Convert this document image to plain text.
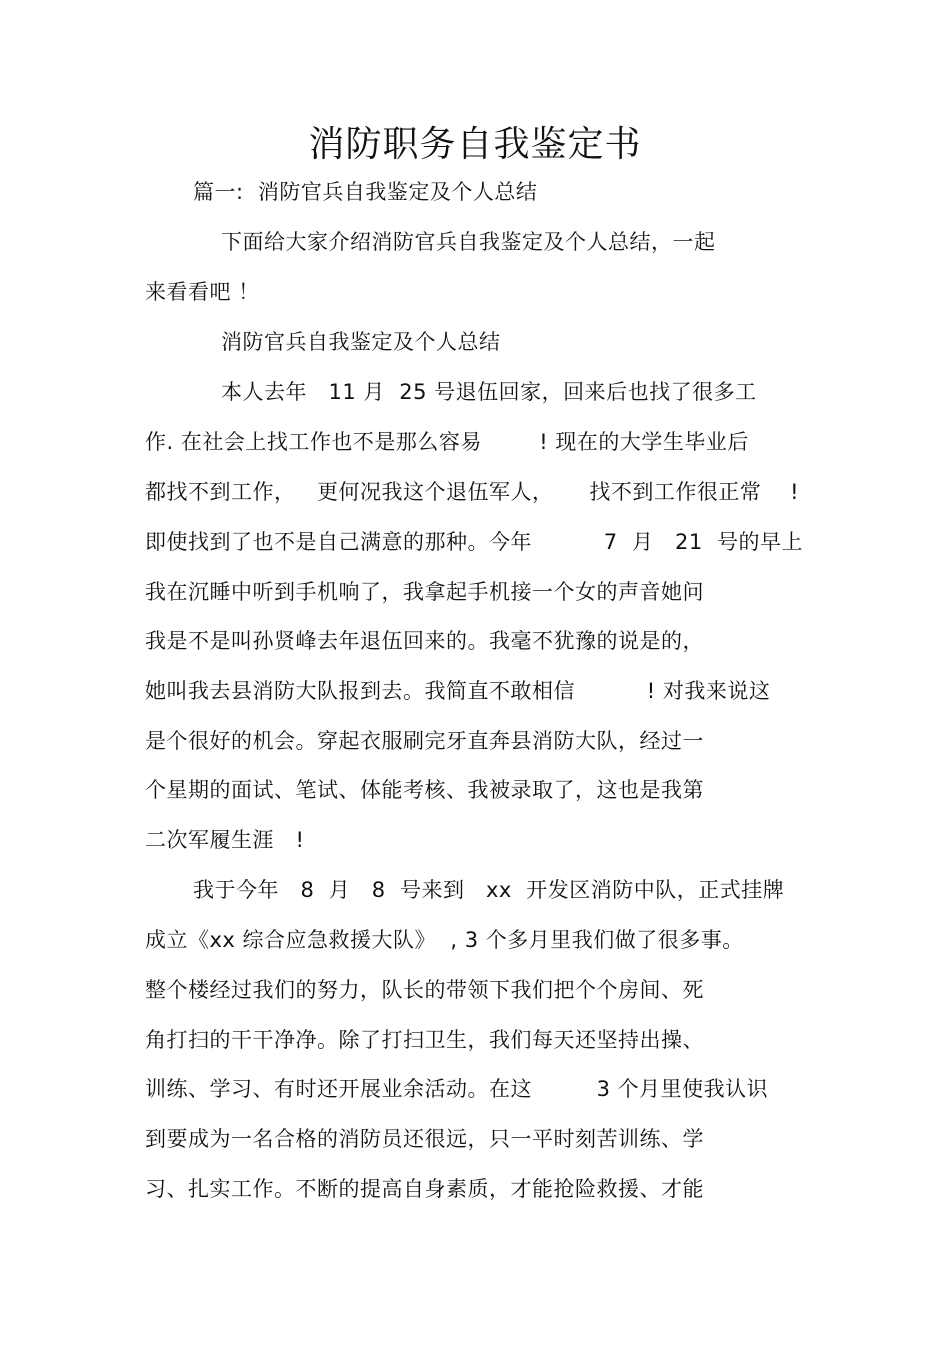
消防职务自我鉴定书
篇一:  消防官兵自我鉴定及个人总结
下面给大家介绍消防官兵自我鉴定及个人总结，一起
来看看吧 ！
消防官兵自我鉴定及个人总结
本人去年   11 月  25 号退伍回家，回来后也找了很多工
作. 在社会上找工作也不是那么容易        ! 现在的大学生毕业后
都找不到工作，   更何况我这个退伍军人，     找不到工作很正常    !
即使找到了也不是自己满意的那种。今年          7  月   21  号的早上
我在沉睡中听到手机响了，我拿起手机接一个女的声音她问
我是不是叫孙贤峰去年退伍回来的。我毫不犹豫的说是的，
她叫我去县消防大队报到去。我简直不敢相信          ! 对我来说这
是个很好的机会。穿起衣服刷完牙直奔县消防大队，经过一
个星期的面试、笔试、体能考核、我被录取了，这也是我第
二次军履生涯   !
我于今年   8  月   8  号来到   xx  开发区消防中队，正式挂牌
成立《xx 综合应急救援大队》  , 3 个多月里我们做了很多事。
整个楼经过我们的努力，队长的带领下我们把个个房间、死
角打扫的干干净净。除了打扫卫生，我们每天还坚持出操、
训练、学习、有时还开展业余活动。在这         3 个月里使我认识
到要成为一名合格的消防员还很远，只一平时刻苦训练、学
习、扎实工作。不断的提高自身素质，才能抢险救援、才能
